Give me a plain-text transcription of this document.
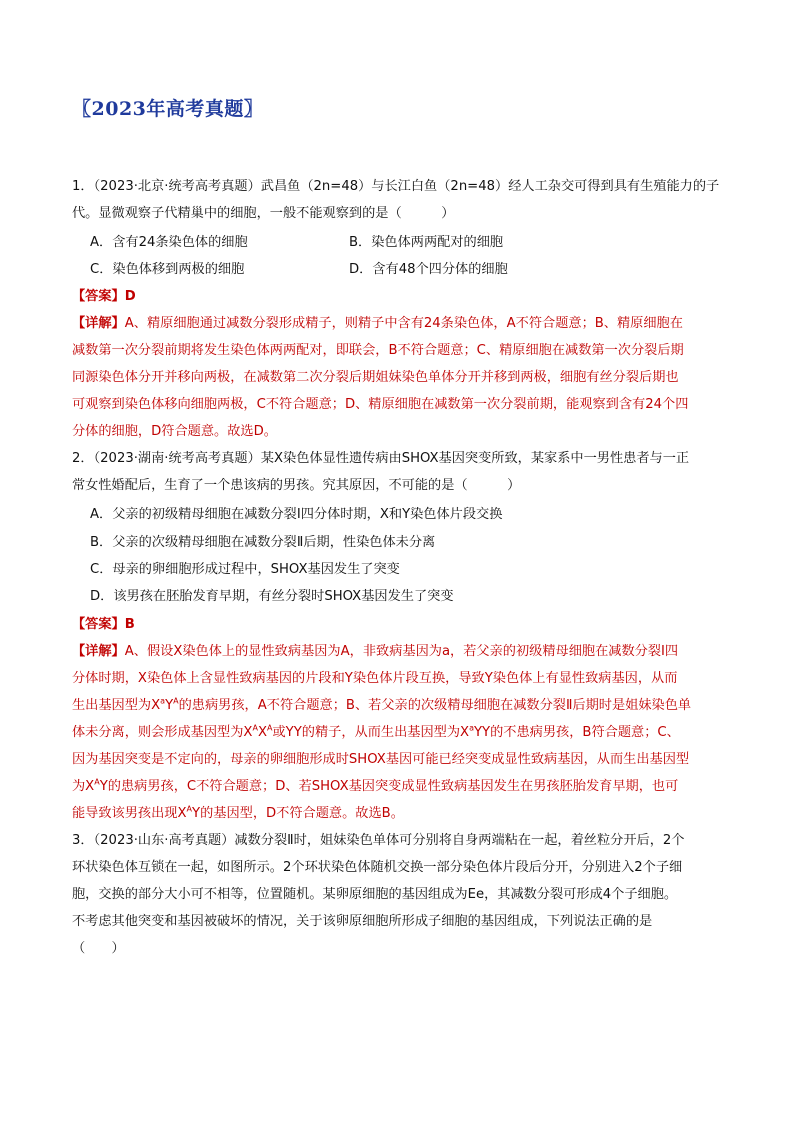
〖2023年高考真题〗
1．（2023·北京·统考高考真题）武昌鱼（2n=48）与长江白鱼（2n=48）经人工杂交可得到具有生殖能力的子
代。显微观察子代精巢中的细胞，一般不能观察到的是（　　　）
A．含有24条染色体的细胞	B．染色体两两配对的细胞
C．染色体移到两极的细胞	D．含有48个四分体的细胞
【答案】D
【详解】A、精原细胞通过减数分裂形成精子，则精子中含有24条染色体，A不符合题意；B、精原细胞在
减数第一次分裂前期将发生染色体两两配对，即联会，B不符合题意；C、精原细胞在减数第一次分裂后期
同源染色体分开并移向两极，在减数第二次分裂后期姐妹染色单体分开并移到两极，细胞有丝分裂后期也
可观察到染色体移向细胞两极，C不符合题意；D、精原细胞在减数第一次分裂前期，能观察到含有24个四
分体的细胞，D符合题意。故选D。
2．（2023·湖南·统考高考真题）某X染色体显性遗传病由SHOX基因突变所致，某家系中一男性患者与一正
常女性婚配后，生育了一个患该病的男孩。究其原因，不可能的是（　　　）
A．父亲的初级精母细胞在减数分裂Ⅰ四分体时期，X和Y染色体片段交换
B．父亲的次级精母细胞在减数分裂Ⅱ后期，性染色体未分离
C．母亲的卵细胞形成过程中，SHOX基因发生了突变
D．该男孩在胚胎发育早期，有丝分裂时SHOX基因发生了突变
【答案】B
【详解】A、假设X染色体上的显性致病基因为A，非致病基因为a，若父亲的初级精母细胞在减数分裂Ⅰ四
分体时期，X染色体上含显性致病基因的片段和Y染色体片段互换，导致Y染色体上有显性致病基因，从而
生出基因型为$X^aY^A$的患病男孩，A不符合题意；B、若父亲的次级精母细胞在减数分裂Ⅱ后期时是姐妹染色单
体未分离，则会形成基因型为$X^AX^A$或YY的精子，从而生出基因型为$X^aYY$的不患病男孩，B符合题意；C、
因为基因突变是不定向的，母亲的卵细胞形成时SHOX基因可能已经突变成显性致病基因，从而生出基因型
为$X^AY$的患病男孩，C不符合题意；D、若SHOX基因突变成显性致病基因发生在男孩胚胎发育早期，也可
能导致该男孩出现$X^AY$的基因型，D不符合题意。故选B。
3．（2023·山东·高考真题）减数分裂Ⅱ时，姐妹染色单体可分别将自身两端粘在一起，着丝粒分开后，2个
环状染色体互锁在一起，如图所示。2个环状染色体随机交换一部分染色体片段后分开，分别进入2个子细
胞，交换的部分大小可不相等，位置随机。某卵原细胞的基因组成为Ee，其减数分裂可形成4个子细胞。
不考虑其他突变和基因被破坏的情况，关于该卵原细胞所形成子细胞的基因组成，下列说法正确的是
（　　）
